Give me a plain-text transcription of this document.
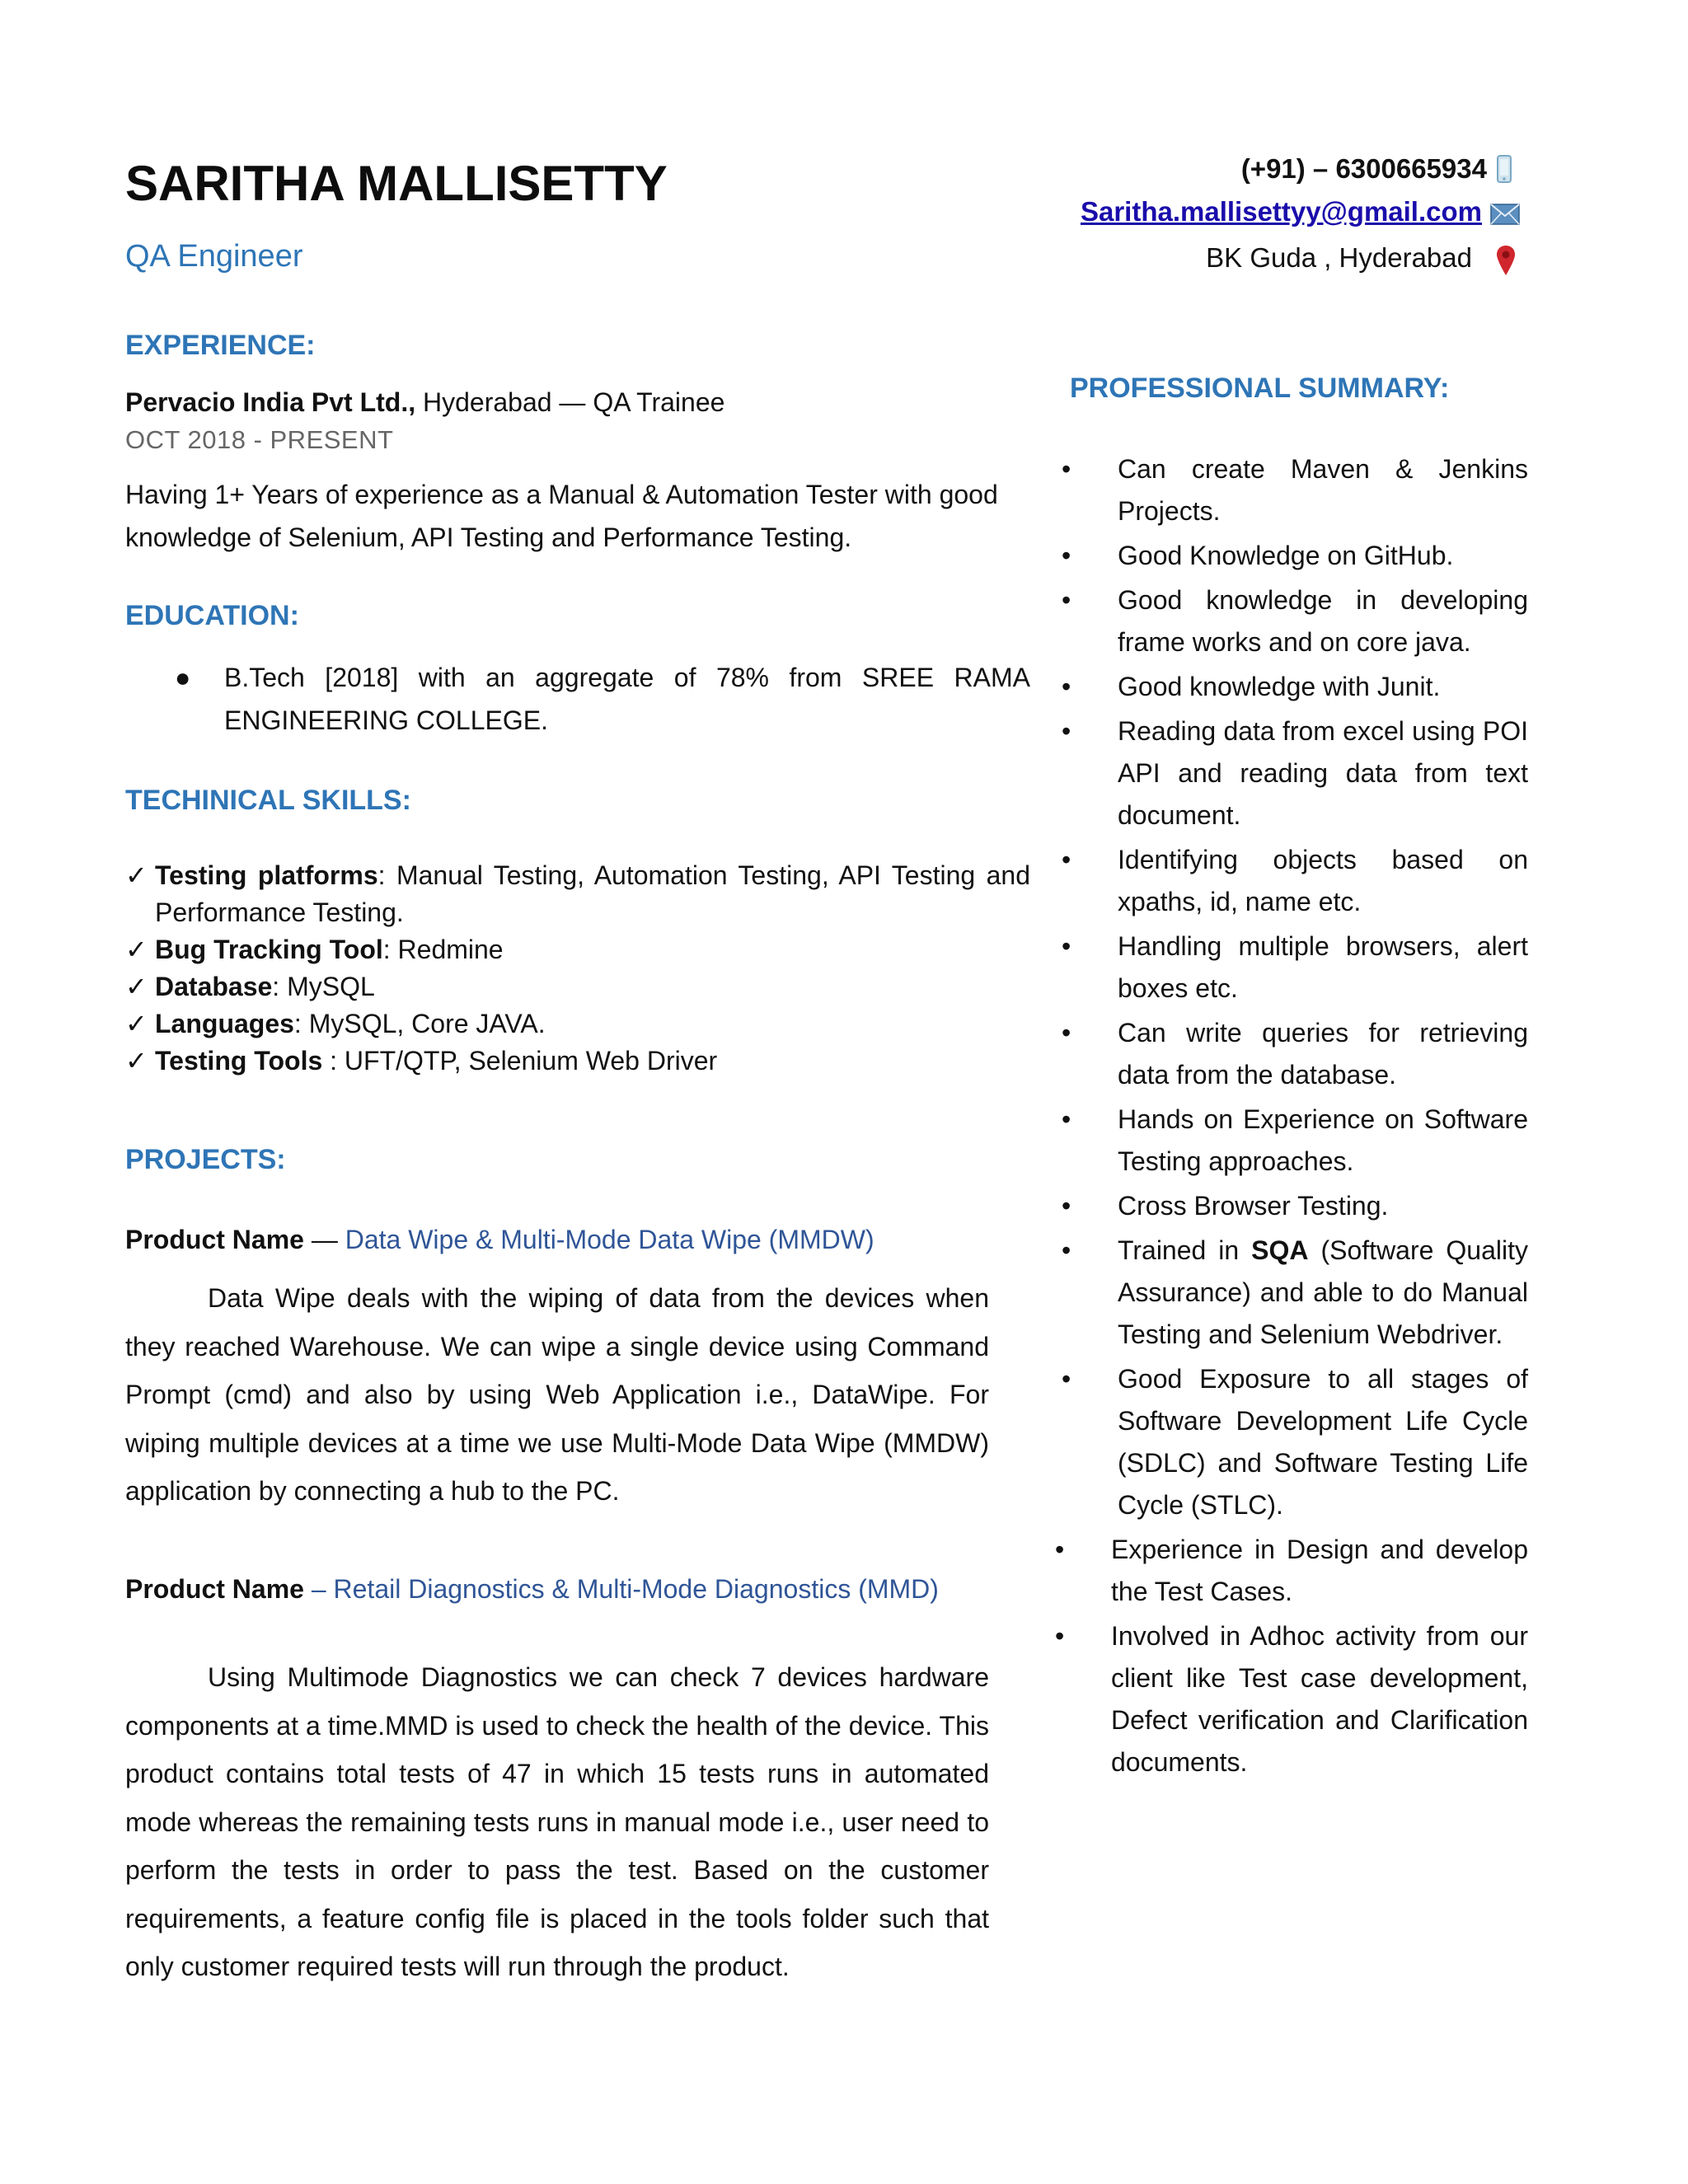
SARITHA MALLISETTY
QA Engineer
(+91) – 6300665934
Saritha.mallisettyy@gmail.com
BK Guda , Hyderabad
EXPERIENCE:
Pervacio India Pvt Ltd., Hyderabad — QA Trainee
OCT 2018 - PRESENT
Having 1+ Years of experience as a Manual & Automation Tester with good knowledge of Selenium, API Testing and Performance Testing.
EDUCATION:
●	B.Tech [2018] with an aggregate of 78% from SREE RAMA ENGINEERING COLLEGE.
TECHINICAL SKILLS:
✓ Testing platforms: Manual Testing, Automation Testing, API Testing and Performance Testing.
✓ Bug Tracking Tool: Redmine
✓ Database: MySQL
✓ Languages: MySQL, Core JAVA.
✓ Testing Tools : UFT/QTP, Selenium Web Driver
PROJECTS:
Product Name — Data Wipe & Multi-Mode Data Wipe (MMDW)
Data Wipe deals with the wiping of data from the devices when they reached Warehouse. We can wipe a single device using Command Prompt (cmd) and also by using Web Application i.e., DataWipe. For wiping multiple devices at a time we use Multi-Mode Data Wipe (MMDW) application by connecting a hub to the PC.
Product Name – Retail Diagnostics & Multi-Mode Diagnostics (MMD)
Using Multimode Diagnostics we can check 7 devices hardware components at a time.MMD is used to check the health of the device. This product contains total tests of 47 in which 15 tests runs in automated mode whereas the remaining tests runs in manual mode i.e., user need to perform the tests in order to pass the test. Based on the customer requirements, a feature config file is placed in the tools folder such that only customer required tests will run through the product.
PROFESSIONAL SUMMARY:
•	Can create Maven & Jenkins Projects.
•	Good Knowledge on GitHub.
•	Good knowledge in developing frame works and on core java.
•	Good knowledge with Junit.
•	Reading data from excel using POI API and reading data from text document.
•	Identifying objects based on xpaths, id, name etc.
•	Handling multiple browsers, alert boxes etc.
•	Can write queries for retrieving data from the database.
•	Hands on Experience on Software Testing approaches.
•	Cross Browser Testing.
•	Trained in SQA (Software Quality Assurance) and able to do Manual Testing and Selenium Webdriver.
•	Good Exposure to all stages of Software Development Life Cycle (SDLC) and Software Testing Life Cycle (STLC).
•	Experience in Design and develop the Test Cases.
•	Involved in Adhoc activity from our client like Test case development, Defect verification and Clarification documents.
